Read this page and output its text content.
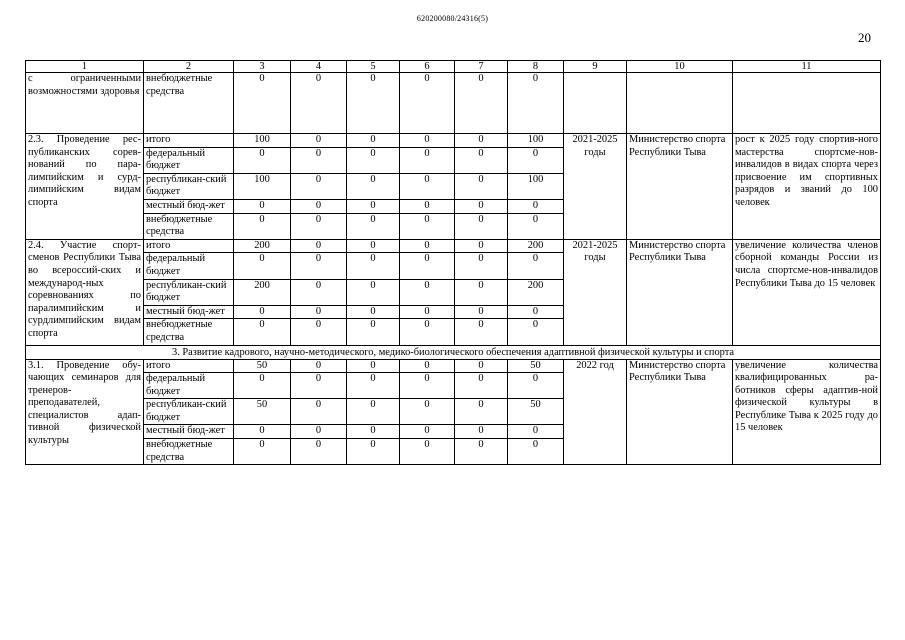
620200080/24316(5)
20
1	2	3	4	5	6	7	8	9	10	11
с ограниченными возможностями здоровья	внебюджетные средства	0	0	0	0	0	0			
2.3. Проведение рес-публиканских сорев-нований по пара-лимпийским и сурд-лимпийским видам спорта	итого	100	0	0	0	0	100	2021-2025 годы	Министерство спорта Республики Тыва	рост к 2025 году спортив-ного мастерства спортсме-нов-инвалидов в видах спорта через присвоение им спортивных разрядов и званий до 100 человек
	федеральный бюджет	0	0	0	0	0	0			
	республикан-ский бюджет	100	0	0	0	0	100			
	местный бюд-жет	0	0	0	0	0	0			
	внебюджетные средства	0	0	0	0	0	0			
2.4. Участие спорт-сменов Республики Тыва во всероссий-ских и международ-ных соревнованиях по паралимпийским и сурдлимпийским видам спорта	итого	200	0	0	0	0	200	2021-2025 годы	Министерство спорта Республики Тыва	увеличение количества членов сборной команды России из числа спортсме-нов-инвалидов Республики Тыва до 15 человек
	федеральный бюджет	0	0	0	0	0	0			
	республикан-ский бюджет	200	0	0	0	0	200			
	местный бюд-жет	0	0	0	0	0	0			
	внебюджетные средства	0	0	0	0	0	0			
3. Развитие кадрового, научно-методического, медико-биологического обеспечения адаптивной физической культуры и спорта										
3.1. Проведение обу-чающих семинаров для тренеров-преподавателей, специалистов адап-тивной физической культуры	итого	50	0	0	0	0	50	2022 год	Министерство спорта Республики Тыва	увеличение количества квалифицированных ра-ботников сферы адаптив-ной физической культуры в Республике Тыва к 2025 году до 15 человек
	федеральный бюджет	0	0	0	0	0	0			
	республикан-ский бюджет	50	0	0	0	0	50			
	местный бюд-жет	0	0	0	0	0	0			
	внебюджетные средства	0	0	0	0	0	0			
